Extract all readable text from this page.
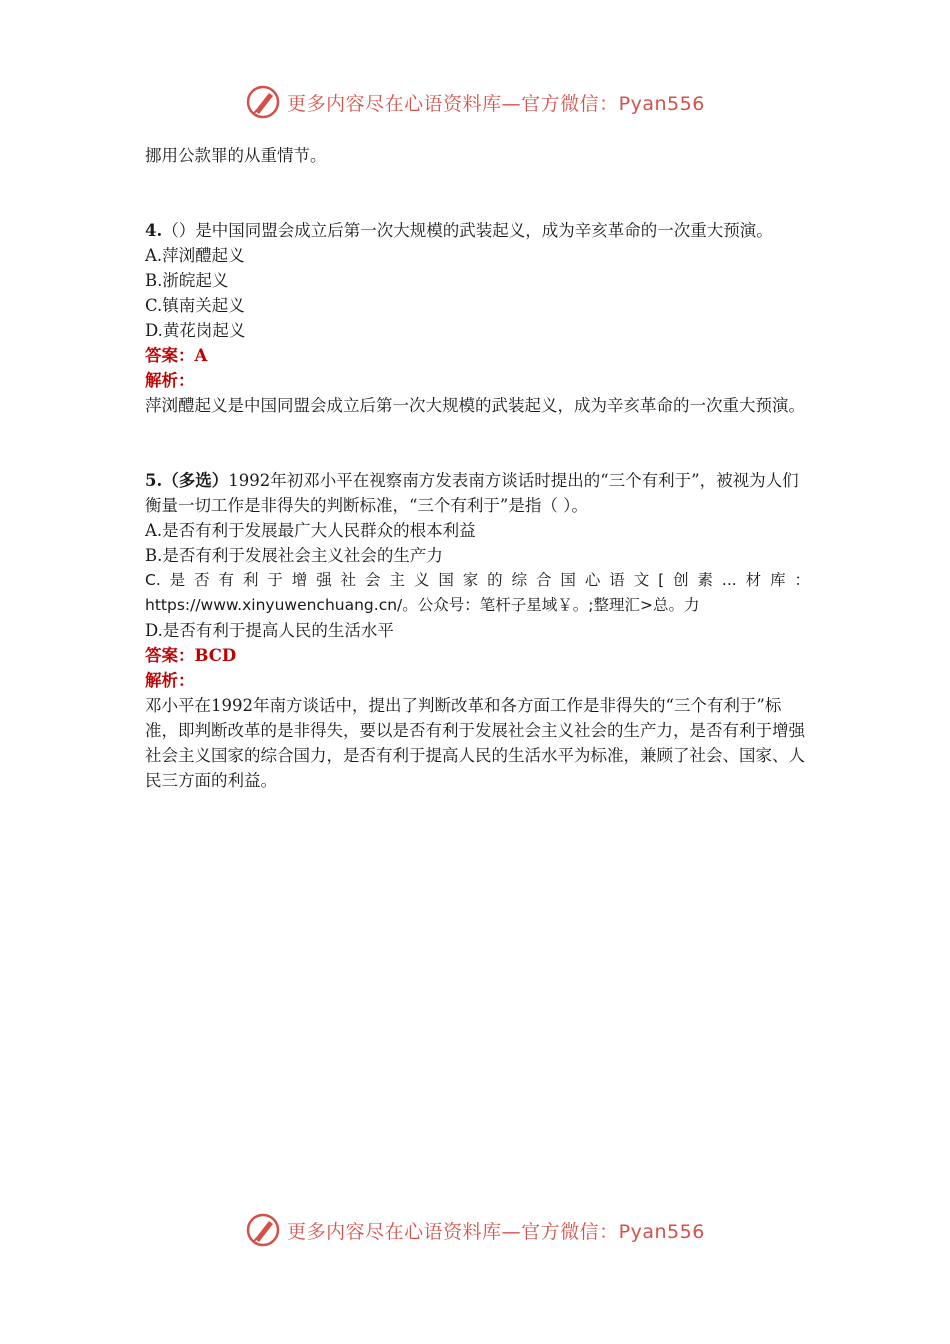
更多内容尽在心语资料库—官方微信：Pyan556

挪用公款罪的从重情节。

4.（）是中国同盟会成立后第一次大规模的武装起义，成为辛亥革命的一次重大预演。

A.萍浏醴起义

B.浙皖起义

C.镇南关起义

D.黄花岗起义

答案：A

解析：

萍浏醴起义是中国同盟会成立后第一次大规模的武装起义，成为辛亥革命的一次重大预演。

5.（多选）1992年初邓小平在视察南方发表南方谈话时提出的“三个有利于”，被视为人们衡量一切工作是非得失的判断标准，“三个有利于”是指（ ）。

A.是否有利于发展最广大人民群众的根本利益

B.是否有利于发展社会主义社会的生产力

C.是否有利于增强社会主义国家的综合国心语文[创素...材库： https://www.xinyuwenchuang.cn/。公众号：笔杆子星域￥。;整理汇>总。力

D.是否有利于提高人民的生活水平

答案：BCD

解析：

邓小平在1992年南方谈话中，提出了判断改革和各方面工作是非得失的“三个有利于”标准，即判断改革的是非得失，要以是否有利于发展社会主义社会的生产力，是否有利于增强社会主义国家的综合国力，是否有利于提高人民的生活水平为标准，兼顾了社会、国家、人民三方面的利益。

更多内容尽在心语资料库—官方微信：Pyan556
